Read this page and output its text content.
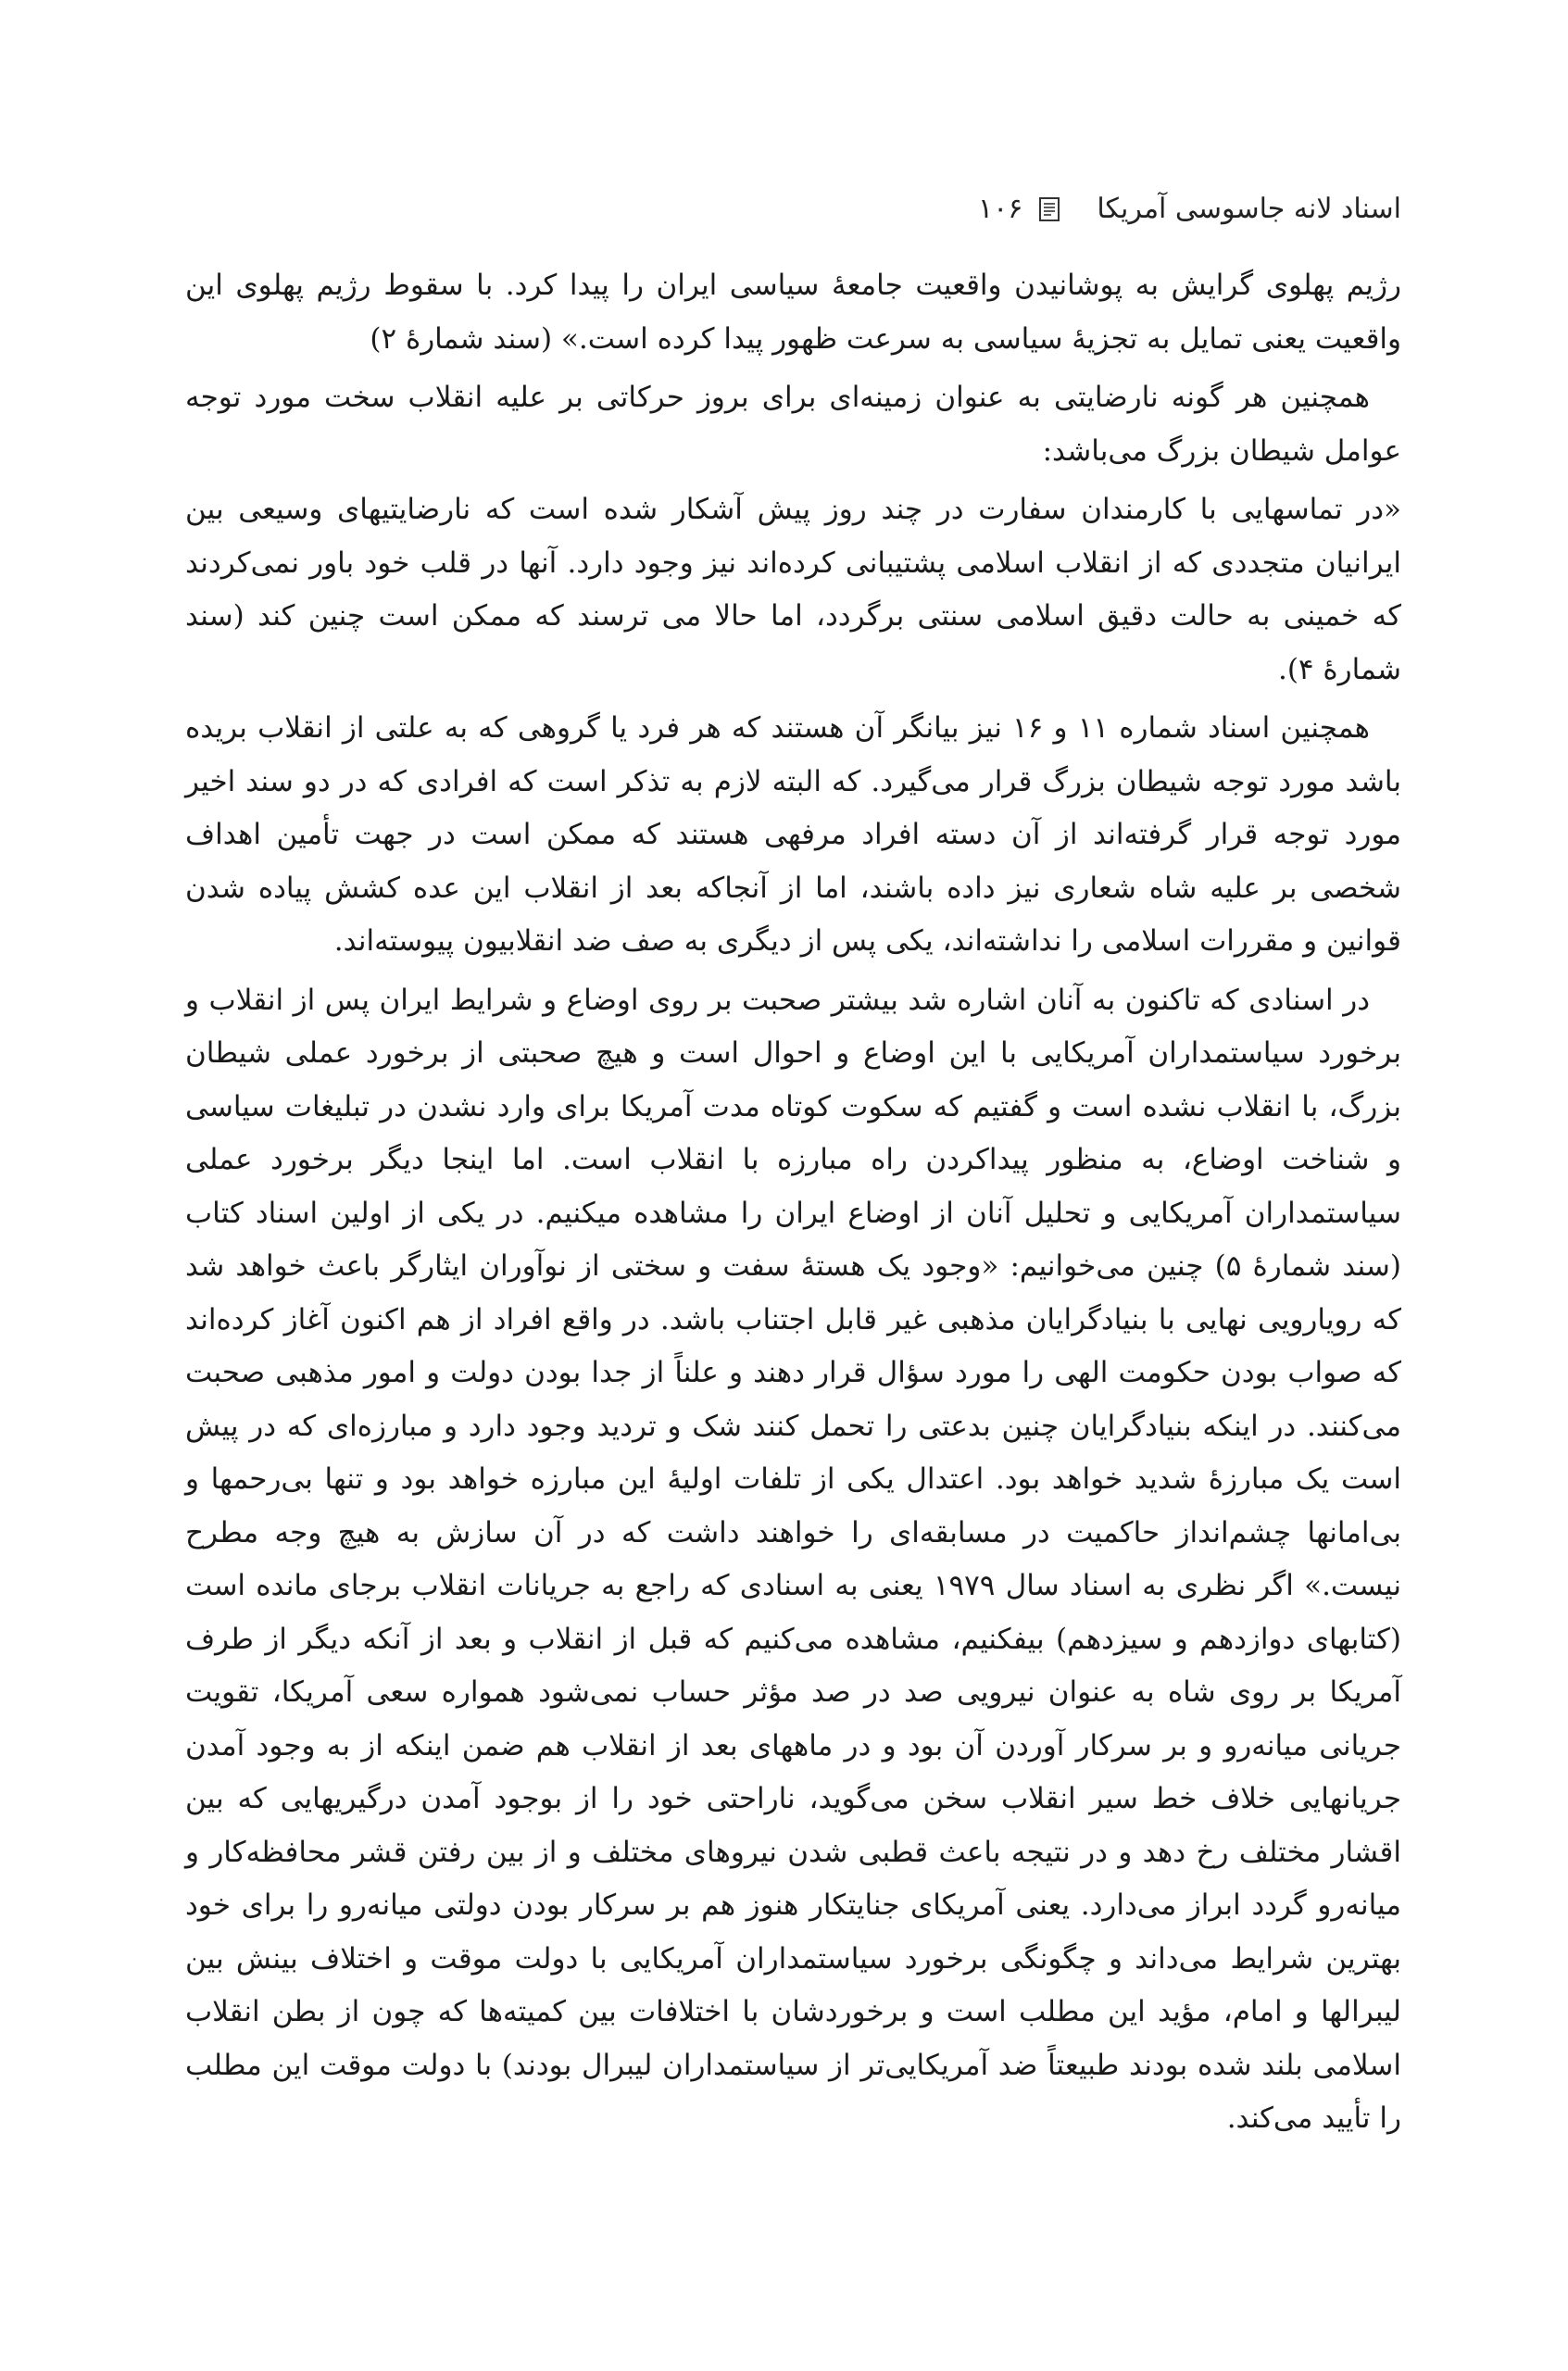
اسناد لانه جاسوسی آمریکا
۱۰۶

رژیم پهلوی گرایش به پوشانیدن واقعیت جامعهٔ سیاسی ایران را پیدا کرد. با سقوط رژیم پهلوی این واقعیت یعنی تمایل به تجزیهٔ سیاسی به سرعت ظهور پیدا کرده است.» (سند شمارهٔ ۲)

همچنین هر گونه نارضایتی به عنوان زمینه‌ای برای بروز حرکاتی بر علیه انقلاب سخت مورد توجه عوامل شیطان بزرگ می‌باشد:

«در تماسهایی با کارمندان سفارت در چند روز پیش آشکار شده است که نارضایتیهای وسیعی بین ایرانیان متجددی که از انقلاب اسلامی پشتیبانی کرده‌اند نیز وجود دارد. آنها در قلب خود باور نمی‌کردند که خمینی به حالت دقیق اسلامی سنتی برگردد، اما حالا می ترسند که ممکن است چنین کند (سند شمارهٔ ۴).

همچنین اسناد شماره ۱۱ و ۱۶ نیز بیانگر آن هستند که هر فرد یا گروهی که به علتی از انقلاب بریده باشد مورد توجه شیطان بزرگ قرار می‌گیرد. که البته لازم به تذکر است که افرادی که در دو سند اخیر مورد توجه قرار گرفته‌اند از آن دسته افراد مرفهی هستند که ممکن است در جهت تأمین اهداف شخصی بر علیه شاه شعاری نیز داده باشند، اما از آنجاکه بعد از انقلاب این عده کشش پیاده شدن قوانین و مقررات اسلامی را نداشته‌اند، یکی پس از دیگری به صف ضد انقلابیون پیوسته‌اند.

در اسنادی که تاکنون به آنان اشاره شد بیشتر صحبت بر روی اوضاع و شرایط ایران پس از انقلاب و برخورد سیاستمداران آمریکایی با این اوضاع و احوال است و هیچ صحبتی از برخورد عملی شیطان بزرگ، با انقلاب نشده است و گفتیم که سکوت کوتاه مدت آمریکا برای وارد نشدن در تبلیغات سیاسی و شناخت اوضاع، به منظور پیداکردن راه مبارزه با انقلاب است. اما اینجا دیگر برخورد عملی سیاستمداران آمریکایی و تحلیل آنان از اوضاع ایران را مشاهده میکنیم. در یکی از اولین اسناد کتاب (سند شمارهٔ ۵) چنین می‌خوانیم: «وجود یک هستهٔ سفت و سختی از نوآوران ایثارگر باعث خواهد شد که رویارویی نهایی با بنیادگرایان مذهبی غیر قابل اجتناب باشد. در واقع افراد از هم اکنون آغاز کرده‌اند که صواب بودن حکومت الهی را مورد سؤال قرار دهند و علناً از جدا بودن دولت و امور مذهبی صحبت می‌کنند. در اینکه بنیادگرایان چنین بدعتی را تحمل کنند شک و تردید وجود دارد و مبارزه‌ای که در پیش است یک مبارزهٔ شدید خواهد بود. اعتدال یکی از تلفات اولیهٔ این مبارزه خواهد بود و تنها بی‌رحمها و بی‌امانها چشم‌انداز حاکمیت در مسابقه‌ای را خواهند داشت که در آن سازش به هیچ وجه مطرح نیست.» اگر نظری به اسناد سال ۱۹۷۹ یعنی به اسنادی که راجع به جریانات انقلاب برجای مانده است (کتابهای دوازدهم و سیزدهم) بیفکنیم، مشاهده می‌کنیم که قبل از انقلاب و بعد از آنکه دیگر از طرف آمریکا بر روی شاه به عنوان نیرویی صد در صد مؤثر حساب نمی‌شود همواره سعی آمریکا، تقویت جریانی میانه‌رو و بر سرکار آوردن آن بود و در ماههای بعد از انقلاب هم ضمن اینکه از به وجود آمدن جریانهایی خلاف خط سیر انقلاب سخن می‌گوید، ناراحتی خود را از بوجود آمدن درگیریهایی که بین اقشار مختلف رخ دهد و در نتیجه باعث قطبی شدن نیروهای مختلف و از بین رفتن قشر محافظه‌کار و میانه‌رو گردد ابراز می‌دارد. یعنی آمریکای جنایتکار هنوز هم بر سرکار بودن دولتی میانه‌رو را برای خود بهترین شرایط می‌داند و چگونگی برخورد سیاستمداران آمریکایی با دولت موقت و اختلاف بینش بین لیبرالها و امام، مؤید این مطلب است و برخوردشان با اختلافات بین کمیته‌ها که چون از بطن انقلاب اسلامی بلند شده بودند طبیعتاً ضد آمریکایی‌تر از سیاستمداران لیبرال بودند) با دولت موقت این مطلب را تأیید می‌کند.
